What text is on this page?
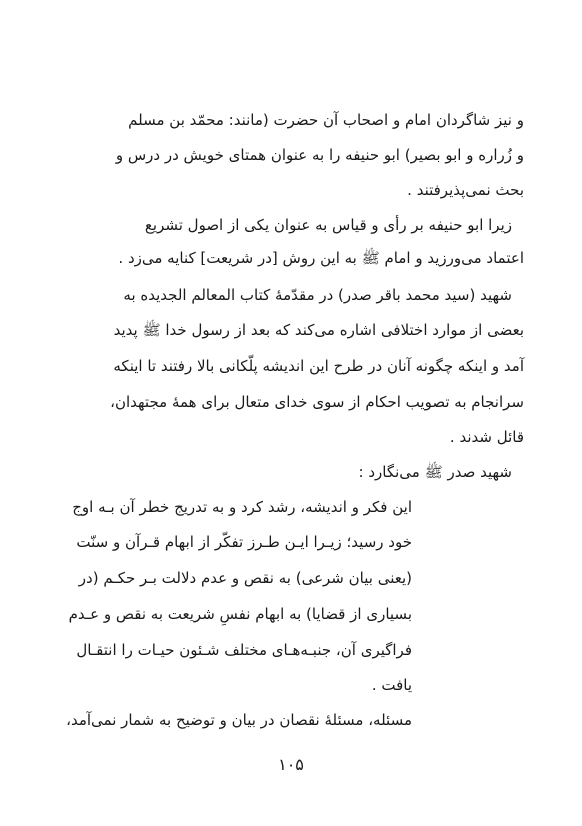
و نیز شاگردان امام و اصحاب آن حضرت (مانند: محمّد بن مسلم
و زُراره و ابو بصیر) ابو حنیفه را به عنوان همتای خویش در درس و
بحث نمی‌پذیرفتند .
زیرا ابو حنیفه بر رأی و قیاس به عنوان یکی از اصول تشریع
اعتماد می‌ورزید و امام ﷺ به این روش [در شریعت] کنایه می‌زد .
شهید (سید محمد باقر صدر) در مقدّمهٔ کتاب المعالم الجدیده به
بعضی از موارد اختلافی اشاره می‌کند که بعد از رسول خدا ﷺ پدید
آمد و اینکه چگونه آنان در طرح این اندیشه پلّکانی بالا رفتند تا اینکه
سرانجام به تصویب احکام از سوی خدای متعال برای همهٔ مجتهدان،
قائل شدند .
شهید صدر ﷺ می‌نگارد :
این فکر و اندیشه، رشد کرد و به تدریج خطر آن بـه اوج
خود رسید؛ زیـرا ایـن طـرز تفکّر از ابهام قـرآن و سنّت
(یعنی بیان شرعی) به نقص و عدم دلالت بـر حکـم (در
بسیاری از قضایا) به ابهام نفسِ شریعت به نقص و عـدم
فراگیری آن، جنبـه‌هـای مختلف شـئون حیـات را انتقـال
یافت .
مسئله، مسئلهٔ نقصان در بیان و توضیح به شمار نمی‌آمد،
۱۰۵
